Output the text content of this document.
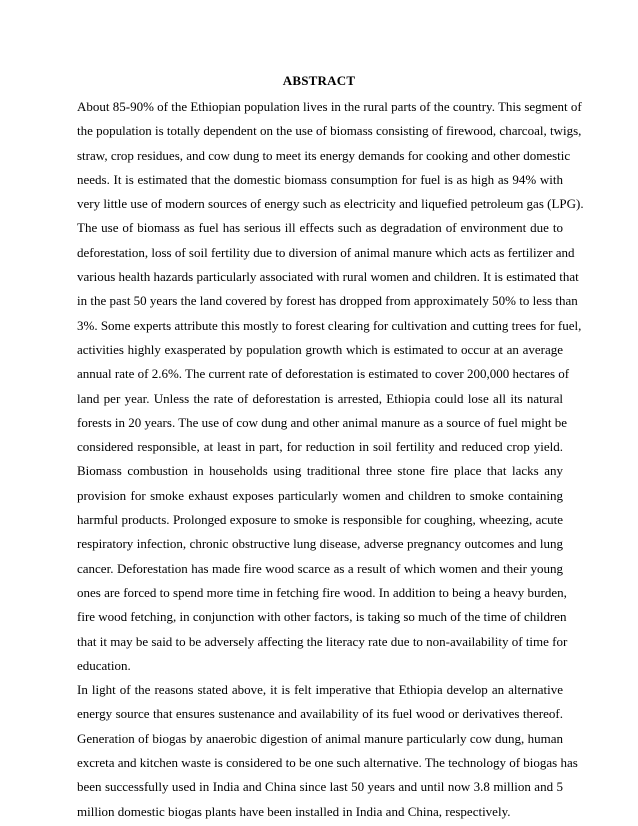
ABSTRACT
About 85-90% of the Ethiopian population lives in the rural parts of the country. This segment of
the population is totally dependent on the use of biomass consisting of firewood, charcoal, twigs,
straw, crop residues, and cow dung to meet its energy demands for cooking and other domestic
needs. It is estimated that the domestic biomass consumption for fuel is as high as 94% with
very little use of modern sources of energy such as electricity and liquefied petroleum gas (LPG).
The use of biomass as fuel has serious ill effects such as degradation of environment due to
deforestation, loss of soil fertility due to diversion of animal manure which acts as fertilizer and
various health hazards particularly associated with rural women and children. It is estimated that
in the past 50 years the land covered by forest has dropped from approximately 50% to less than
3%. Some experts attribute this mostly to forest clearing for cultivation and cutting trees for fuel,
activities highly exasperated by population growth which is estimated to occur at an average
annual rate of 2.6%. The current rate of deforestation is estimated to cover 200,000 hectares of
land per year. Unless the rate of deforestation is arrested, Ethiopia could lose all its natural
forests in 20 years. The use of cow dung and other animal manure as a source of fuel might be
considered responsible, at least in part, for reduction in soil fertility and reduced crop yield.
Biomass combustion in households using traditional three stone fire place that lacks any
provision for smoke exhaust exposes particularly women and children to smoke containing
harmful products. Prolonged exposure to smoke is responsible for coughing, wheezing, acute
respiratory infection, chronic obstructive lung disease, adverse pregnancy outcomes and lung
cancer. Deforestation has made fire wood scarce as a result of which women and their young
ones are forced to spend more time in fetching fire wood. In addition to being a heavy burden,
fire wood fetching, in conjunction with other factors, is taking so much of the time of children
that it may be said to be adversely affecting the literacy rate due to non-availability of time for
education.
In light of the reasons stated above, it is felt imperative that Ethiopia develop an alternative
energy source that ensures sustenance and availability of its fuel wood or derivatives thereof.
Generation of biogas by anaerobic digestion of animal manure particularly cow dung, human
excreta and kitchen waste is considered to be one such alternative. The technology of biogas has
been successfully used in India and China since last 50 years and until now 3.8 million and 5
million domestic biogas plants have been installed in India and China, respectively.
